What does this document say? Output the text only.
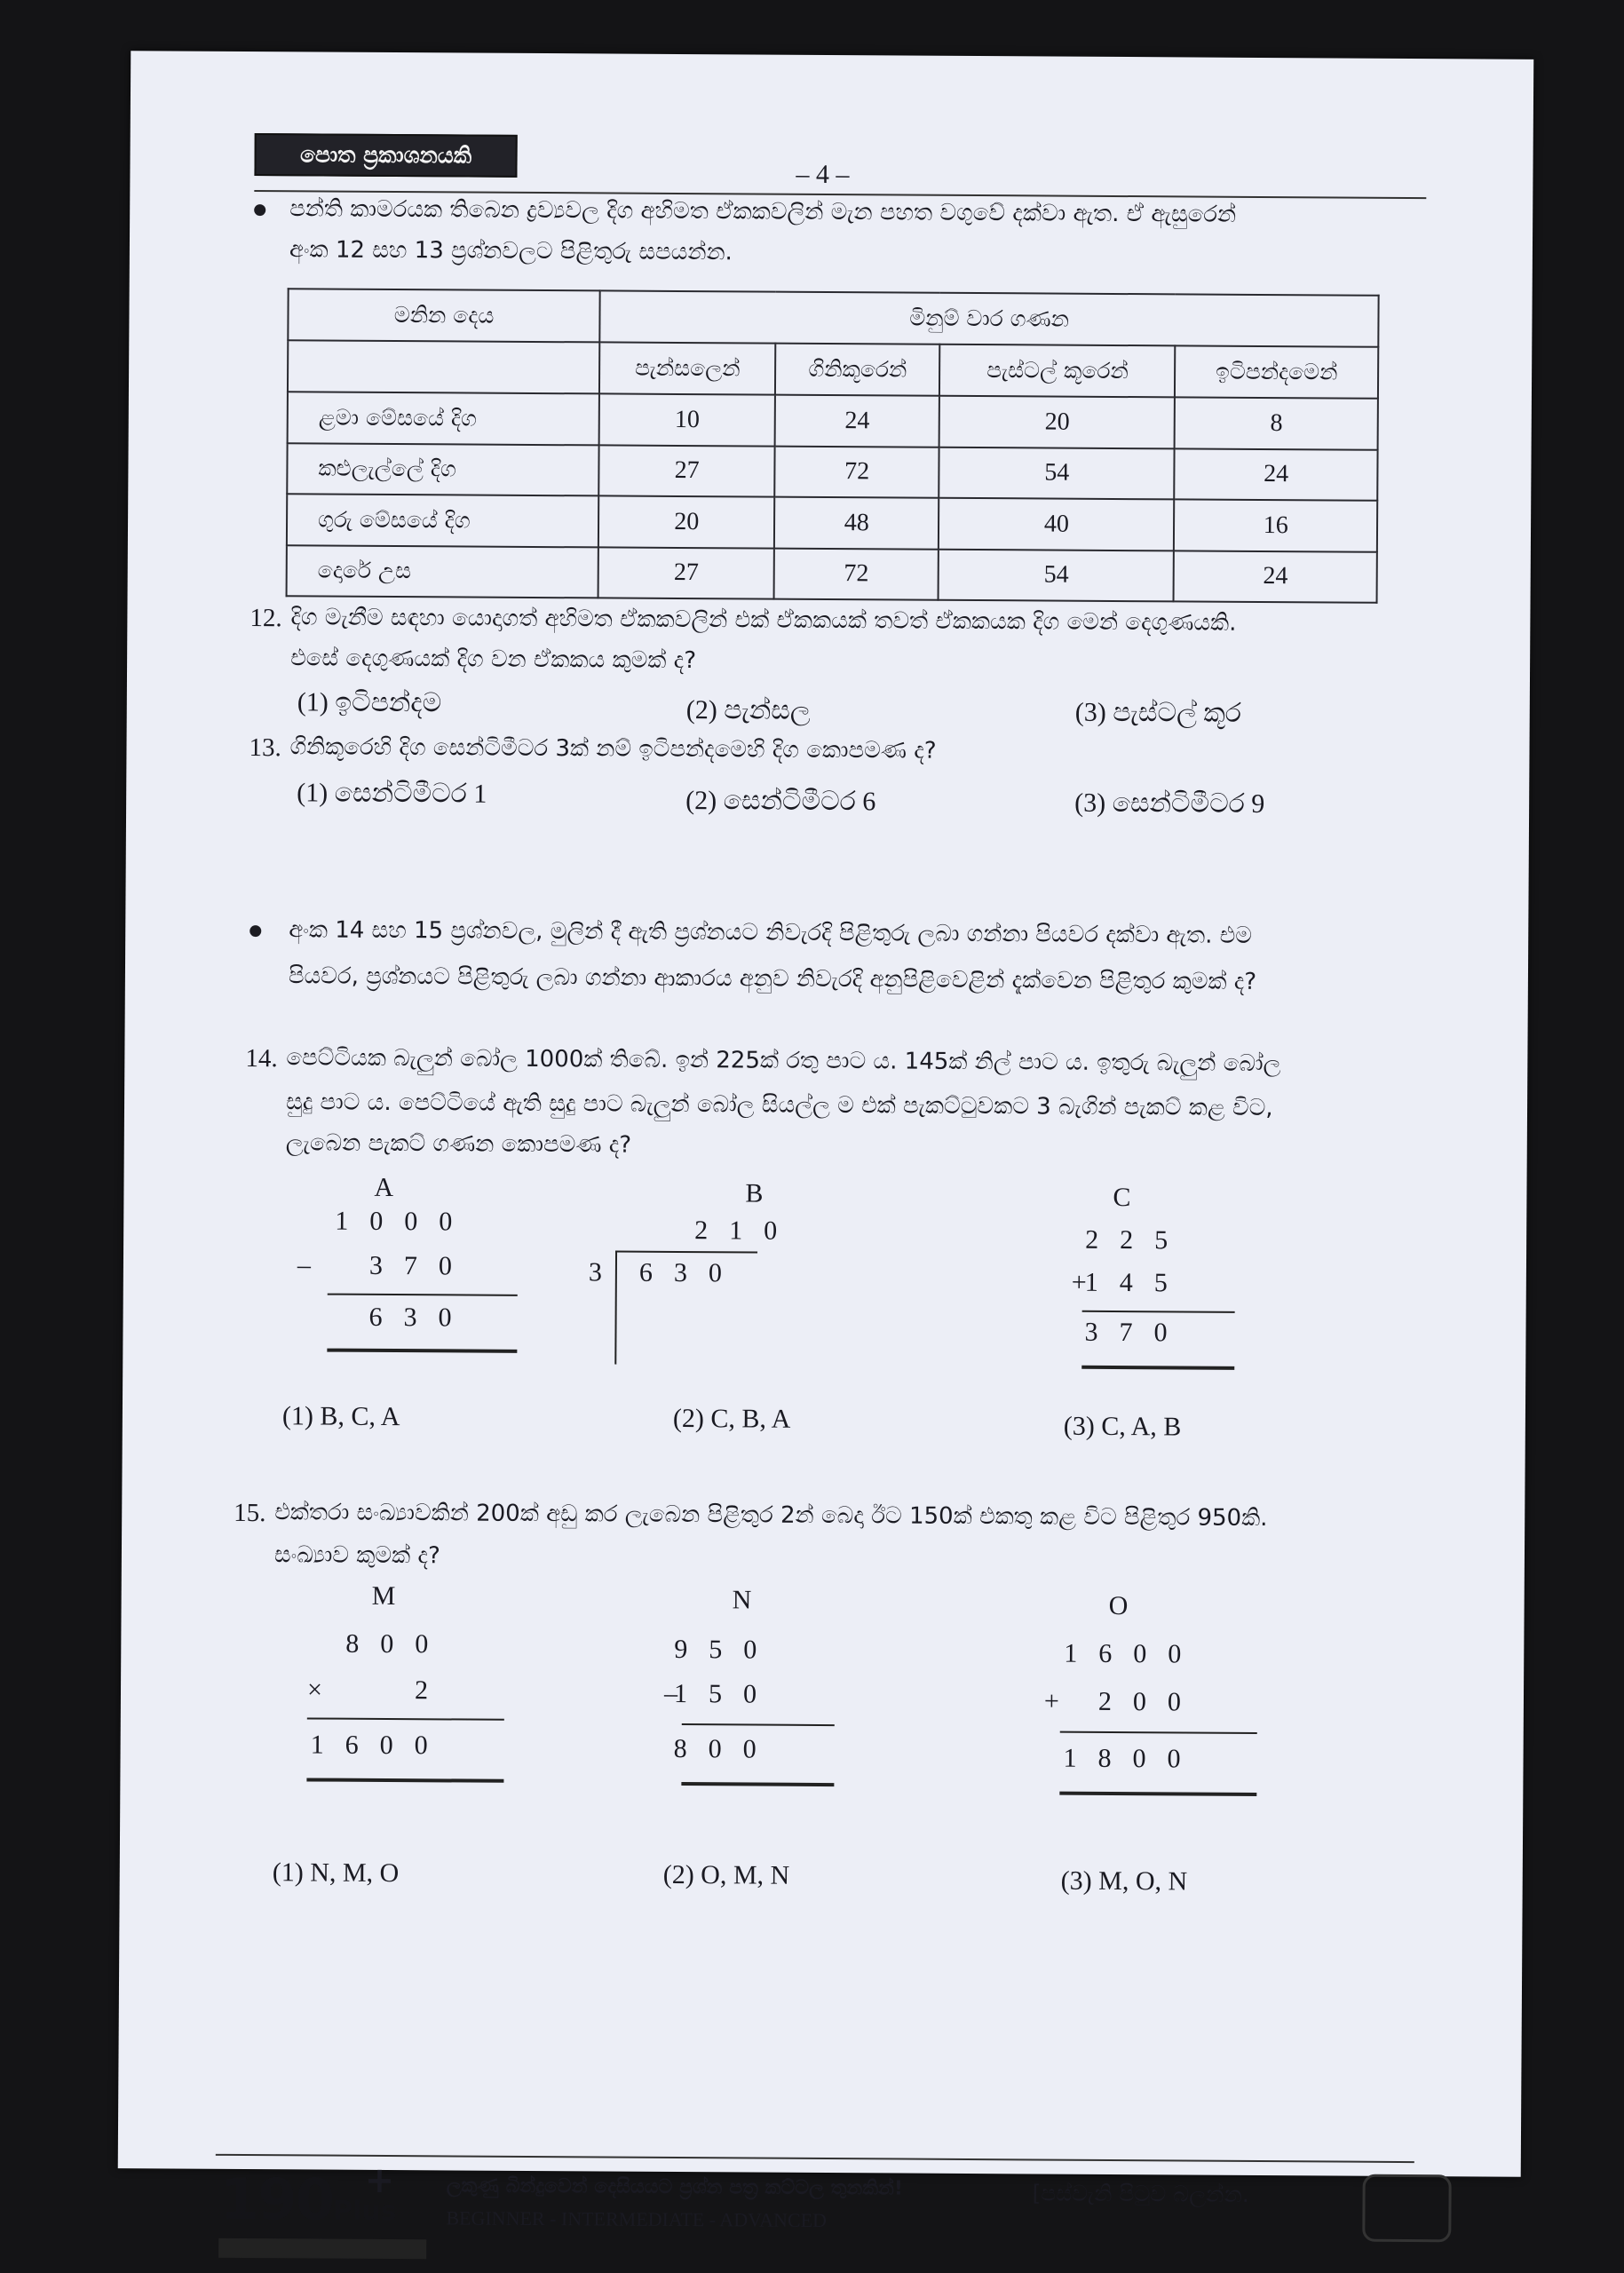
පොත ප්‍රකාශනයකි
– 4 –
පන්ති කාමරයක තිබෙන ද්‍රව්‍යවල දිග අහිමත ඒකකවලින් මැන පහත වගුවේ දක්වා ඇත. ඒ ඇසුරෙන්
අංක 12 සහ 13 ප්‍රශ්නවලට පිළිතුරු සපයන්න.
මනින දෙය	මිනුම් වාර ගණන			
	පැන්සලෙන්	ගිනිකූරෙන්	පැස්ටල් කූරෙන්	ඉටිපන්දමෙන්
ළමා මේසයේ දිග	10	24	20	8
කළුලැල්ලේ දිග	27	72	54	24
ගුරු මේසයේ දිග	20	48	40	16
දොරේ උස	27	72	54	24
12. දිග මැනීම සඳහා යොදාගත් අහිමත ඒකකවලින් එක් ඒකකයක් තවත් ඒකකයක දිග මෙන් දෙගුණයකි.
එසේ දෙගුණයක් දිග වන ඒකකය කුමක් ද?
(1) ඉටිපන්දම	(2) පැන්සල	(3) පැස්ටල් කූර
13. ගිනිකූරෙහි දිග සෙන්ටිමීටර 3ක් නම් ඉටිපන්දමෙහි දිග කොපමණ ද?
(1) සෙන්ටිමීටර 1	(2) සෙන්ටිමීටර 6	(3) සෙන්ටිමීටර 9
අංක 14 සහ 15 ප්‍රශ්නවල, මුලින් දී ඇති ප්‍රශ්නයට නිවැරදි පිළිතුරු ලබා ගන්නා පියවර දක්වා ඇත. එම
පියවර, ප්‍රශ්නයට පිළිතුරු ලබා ගන්නා ආකාරය අනුව නිවැරදි අනුපිළිවෙළින් දැක්වෙන පිළිතුර කුමක් ද?
14. පෙට්ටියක බැලුන් බෝල 1000ක් තිබේ. ඉන් 225ක් රතු පාට ය. 145ක් නිල් පාට ය. ඉතුරු බැලුන් බෝල
සුදු පාට ය. පෙට්ටියේ ඇති සුදු පාට බැලුන් බෝල සියල්ල ම එක් පැකට්ටුවකට 3 බැගින් පැකට් කළ විට,
ලැබෙන පැකට් ගණන කොපමණ ද?
A
1000
–	370
630
B
210
3	630
C
225
+
145
370
(1) B, C, A	(2) C, B, A	(3) C, A, B
15. එක්තරා සංඛ්‍යාවකින් 200ක් අඩු කර ලැබෙන පිළිතුර 2න් බෙදා ඊට 150ක් එකතු කළ විට පිළිතුර 950කි.
සංඛ්‍යාව කුමක් ද?
M
800
×	2
1600
N
950
–
150
800
O
1600
+	200
1800
(1) N, M, O	(2) O, M, N	(3) M, O, N
190Plus
+	ලකුණු බින්දුවෙන් දෙසියයට ප්‍රශ්න පත්‍ර කට්ටල තුනකින්!
BEGINNER - INTERMEDIATE - ADVANCED
[පස්වැනි පිටුව බලන්න.
